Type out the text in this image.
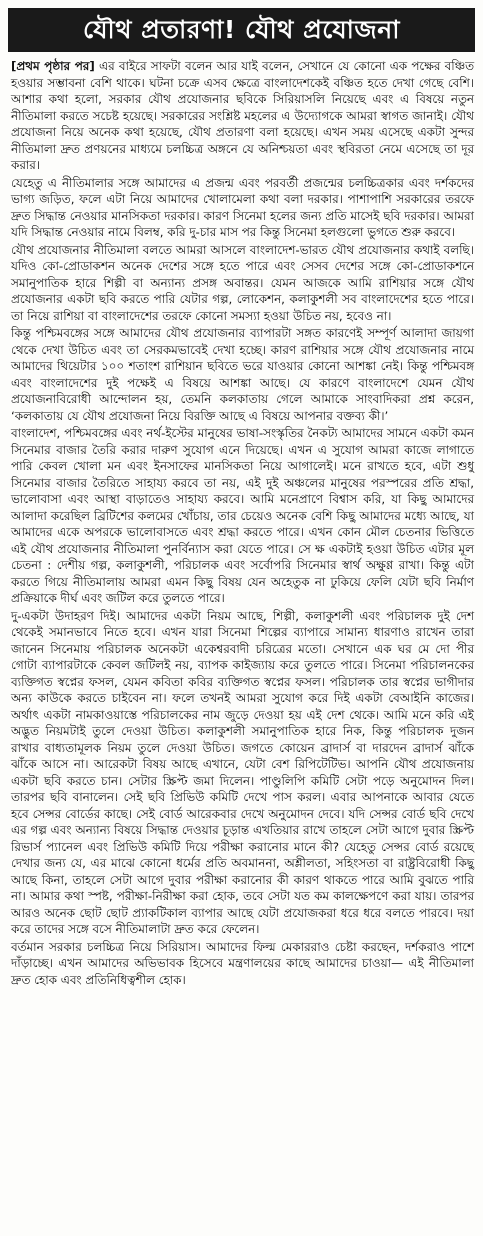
যৌথ প্রতারণা! যৌথ প্রযোজনা

[প্রথম পৃষ্ঠার পর] এর বাইরে সাফটা বলেন আর যাই বলেন, সেখানে যে কোনো এক পক্ষের বঞ্চিত হওয়ার সম্ভাবনা বেশি থাকে। ঘটনা চক্রে এসব ক্ষেত্রে বাংলাদেশকেই বঞ্চিত হতে দেখা গেছে বেশি। আশার কথা হলো, সরকার যৌথ প্রযোজনার ছবিকে সিরিয়াসলি নিয়েছে এবং এ বিষয়ে নতুন নীতিমালা করতে সচেষ্ট হয়েছে। সরকারের সংশ্লিষ্ট মহলের এ উদ্যোগকে আমরা স্বাগত জানাই। যৌথ প্রযোজনা নিয়ে অনেক কথা হয়েছে, যৌথ প্রতারণা বলা হয়েছে। এখন সময় এসেছে একটা সুন্দর নীতিমালা দ্রুত প্রণয়নের মাধ্যমে চলচ্চিত্র অঙ্গনে যে অনিশ্চয়তা এবং স্থবিরতা নেমে এসেছে তা দূর করার।

যেহেতু এ নীতিমালার সঙ্গে আমাদের এ প্রজন্ম এবং পরবর্তী প্রজন্মের চলচ্চিত্রকার এবং দর্শকদের ভাগ্য জড়িত, ফলে এটা নিয়ে আমাদের খোলামেলা কথা বলা দরকার। পাশাপাশি সরকারের তরফে দ্রুত সিদ্ধান্ত নেওয়ার মানসিকতা দরকার। কারণ সিনেমা হলের জন্য প্রতি মাসেই ছবি দরকার। আমরা যদি সিদ্ধান্ত নেওয়ার নামে বিলম্ব, করি দু-চার মাস পর কিন্তু সিনেমা হলগুলো ভুগতে শুরু করবে।

যৌথ প্রযোজনার নীতিমালা বলতে আমরা আসলে বাংলাদেশ-ভারত যৌথ প্রযোজনার কথাই বলছি। যদিও কো-প্রোডাকশন অনেক দেশের সঙ্গে হতে পারে এবং সেসব দেশের সঙ্গে কো-প্রোডাকশনে সমানুপাতিক হারে শিল্পী বা অন্যান্য প্রসঙ্গ অবান্তর। যেমন আজকে আমি রাশিয়ার সঙ্গে যৌথ প্রযোজনার একটা ছবি করতে পারি যেটার গল্প, লোকেশন, কলাকুশলী সব বাংলাদেশের হতে পারে। তা নিয়ে রাশিয়া বা বাংলাদেশের তরফে কোনো সমস্যা হওয়া উচিত নয়, হবেও না।

কিন্তু পশ্চিমবঙ্গের সঙ্গে আমাদের যৌথ প্রযোজনার ব্যাপারটা সঙ্গত কারণেই সম্পূর্ণ আলাদা জায়গা থেকে দেখা উচিত এবং তা সেরকমভাবেই দেখা হচ্ছে। কারণ রাশিয়ার সঙ্গে যৌথ প্রযোজনার নামে আমাদের থিয়েটার ১০০ শতাংশ রাশিয়ান ছবিতে ভরে যাওয়ার কোনো আশঙ্কা নেই। কিন্তু পশ্চিমবঙ্গ এবং বাংলাদেশের দুই পক্ষেই এ বিষয়ে আশঙ্কা আছে। যে কারণে বাংলাদেশে যেমন যৌথ প্রযোজনাবিরোধী আন্দোলন হয়, তেমনি কলকাতায় গেলে আমাকে সাংবাদিকরা প্রশ্ন করেন, ‘কলকাতায় যে যৌথ প্রযোজনা নিয়ে বিরক্তি আছে এ বিষয়ে আপনার বক্তব্য কী।’

বাংলাদেশ, পশ্চিমবঙ্গের এবং নর্থ-ইস্টের মানুষের ভাষা-সংস্কৃতির নৈকট্য আমাদের সামনে একটা কমন সিনেমার বাজার তৈরি করার দারুণ সুযোগ এনে দিয়েছে। এখন এ সুযোগ আমরা কাজে লাগাতে পারি কেবল খোলা মন এবং ইনসাফের মানসিকতা নিয়ে আগালেই। মনে রাখতে হবে, এটা শুধু সিনেমার বাজার তৈরিতে সাহায্য করবে তা নয়, এই দুই অঞ্চলের মানুষের পরস্পরের প্রতি শ্রদ্ধা, ভালোবাসা এবং আস্থা বাড়াতেও সাহায্য করবে। আমি মনেপ্রাণে বিশ্বাস করি, যা কিছু আমাদের আলাদা করেছিল ব্রিটিশের কলমের খোঁচায়, তার চেয়েও অনেক বেশি কিছু আমাদের মধ্যে আছে, যা আমাদের একে অপরকে ভালোবাসতে এবং শ্রদ্ধা করতে পারে। এখন কোন মৌল চেতনার ভিত্তিতে এই যৌথ প্রযোজনার নীতিমালা পুনর্বিন্যাস করা যেতে পারে। সে ক্ষ একটাই হওয়া উচিত এটার মূল চেতনা : দেশীয় গল্প, কলাকুশলী, পরিচালক এবং সর্বোপরি সিনেমার স্বার্থ অক্ষুণ্ণ রাখা। কিন্তু এটা করতে গিয়ে নীতিমালায় আমরা এমন কিছু বিষয় যেন অহেতুক না ঢুকিয়ে ফেলি যেটা ছবি নির্মাণ প্রক্রিয়াকে দীর্ঘ এবং জটিল করে তুলতে পারে।

দু-একটা উদাহরণ দিই। আমাদের একটা নিয়ম আছে, শিল্পী, কলাকুশলী এবং পরিচালক দুই দেশ থেকেই সমানভাবে নিতে হবে। এখন যারা সিনেমা শিল্পের ব্যাপারে সামান্য ধারণাও রাখেন তারা জানেন সিনেমায় পরিচালক অনেকটা একেশ্বরবাদী চরিত্রের মতো। সেখানে এক ঘর মে দো পীর গোটা ব্যাপারটাকে কেবল জটিলই নয়, ব্যাপক কাইজ্যায় করে তুলতে পারে। সিনেমা পরিচালনকের ব্যক্তিগত স্বপ্নের ফসল, যেমন কবিতা কবির ব্যক্তিগত স্বপ্নের ফসল। পরিচালক তার স্বপ্নের ভাগীদার অন্য কাউকে করতে চাইবেন না। ফলে তখনই আমরা সুযোগ করে দিই একটা বেআইনি কাজের। অর্থাৎ একটা নামকাওয়াস্তে পরিচালকের নাম জুড়ে দেওয়া হয় এই দেশ থেকে। আমি মনে করি এই অদ্ভুত নিয়মটাই তুলে দেওয়া উচিত। কলাকুশলী সমানুপাতিক হারে নিক, কিন্তু পরিচালক দুজন রাখার বাধ্যতামূলক নিয়ম তুলে দেওয়া উচিত। জগতে কোয়েন ব্রাদার্স বা দারদেন ব্রাদার্স ঝাঁকে ঝাঁকে আসে না। আরেকটা বিষয় আছে এখানে, যেটা বেশ রিপিটেটিভ। আপনি যৌথ প্রযোজনায় একটা ছবি করতে চান। সেটার স্ক্রিপ্ট জমা দিলেন। পাণ্ডুলিপি কমিটি সেটা পড়ে অনুমোদন দিল। তারপর ছবি বানালেন। সেই ছবি প্রিভিউ কমিটি দেখে পাস করল। এবার আপনাকে আবার যেতে হবে সেন্সর বোর্ডের কাছে। সেই বোর্ড আরেকবার দেখে অনুমোদন দেবে। যদি সেন্সর বোর্ড ছবি দেখে এর গল্প এবং অন্যান্য বিষয়ে সিদ্ধান্ত দেওয়ার চূড়ান্ত এখতিয়ার রাখে তাহলে সেটা আগে দুবার স্ক্রিপ্ট রিভার্স প্যানেল এবং প্রিভিউ কমিটি দিয়ে পরীক্ষা করানোর মানে কী? যেহেতু সেন্সর বোর্ড রয়েছে দেখার জন্য যে, এর মাঝে কোনো ধর্মের প্রতি অবমাননা, অশ্লীলতা, সহিংসতা বা রাষ্ট্রবিরোধী কিছু আছে কিনা, তাহলে সেটা আগে দুবার পরীক্ষা করানোর কী কারণ থাকতে পারে আমি বুঝতে পারি না। আমার কথা স্পষ্ট, পরীক্ষা-নিরীক্ষা করা হোক, তবে সেটা যত কম কালক্ষেপণে করা যায়। তারপর আরও অনেক ছোট ছোট প্র্যাকটিকাল ব্যাপার আছে যেটা প্রযোজকরা ধরে ধরে বলতে পারবে। দয়া করে তাদের সঙ্গে বসে নীতিমালাটা দ্রুত করে ফেলেন।

বর্তমান সরকার চলচ্চিত্র নিয়ে সিরিয়াস। আমাদের ফিল্ম মেকাররাও চেষ্টা করছেন, দর্শকরাও পাশে দাঁড়াচ্ছে। এখন আমাদের অভিভাবক হিসেবে মন্ত্রণালয়ের কাছে আমাদের চাওয়া— এই নীতিমালা দ্রুত হোক এবং প্রতিনিধিত্বশীল হোক।
